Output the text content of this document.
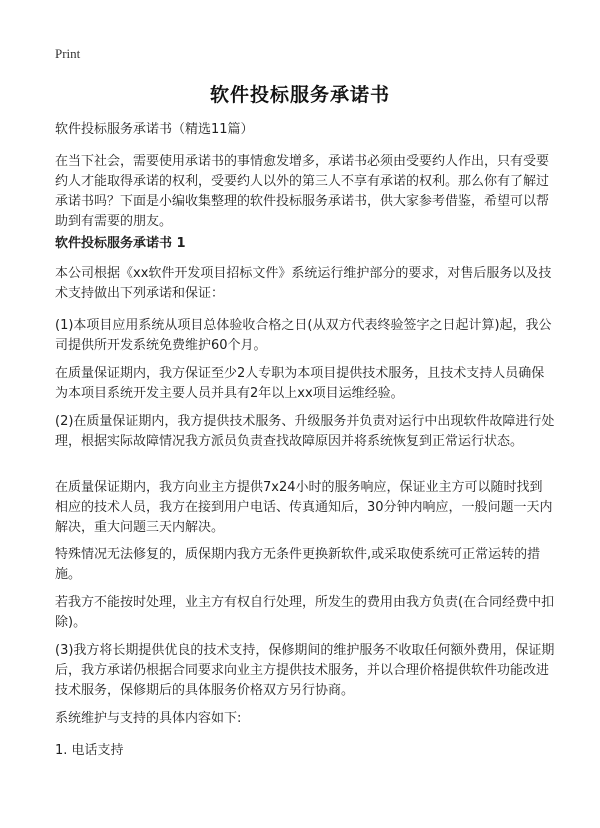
Print
软件投标服务承诺书
软件投标服务承诺书（精选11篇）
在当下社会，需要使用承诺书的事情愈发增多，承诺书必须由受要约人作出，只有受要约人才能取得承诺的权利，受要约人以外的第三人不享有承诺的权利。那么你有了解过承诺书吗？下面是小编收集整理的软件投标服务承诺书，供大家参考借鉴，希望可以帮助到有需要的朋友。
软件投标服务承诺书 1
本公司根据《xx软件开发项目招标文件》系统运行维护部分的要求，对售后服务以及技术支持做出下列承诺和保证：
(1)本项目应用系统从项目总体验收合格之日(从双方代表终验签字之日起计算)起，我公司提供所开发系统免费维护60个月。
在质量保证期内，我方保证至少2人专职为本项目提供技术服务，且技术支持人员确保为本项目系统开发主要人员并具有2年以上xx项目运维经验。
(2)在质量保证期内，我方提供技术服务、升级服务并负责对运行中出现软件故障进行处理，根据实际故障情况我方派员负责查找故障原因并将系统恢复到正常运行状态。
在质量保证期内，我方向业主方提供7x24小时的服务响应，保证业主方可以随时找到相应的技术人员，我方在接到用户电话、传真通知后，30分钟内响应，一般问题一天内解决，重大问题三天内解决。
特殊情况无法修复的，质保期内我方无条件更换新软件,或采取使系统可正常运转的措施。
若我方不能按时处理，业主方有权自行处理，所发生的费用由我方负责(在合同经费中扣除)。
(3)我方将长期提供优良的技术支持，保修期间的维护服务不收取任何额外费用，保证期后，我方承诺仍根据合同要求向业主方提供技术服务，并以合理价格提供软件功能改进技术服务，保修期后的具体服务价格双方另行协商。
系统维护与支持的具体内容如下:
1. 电话支持
